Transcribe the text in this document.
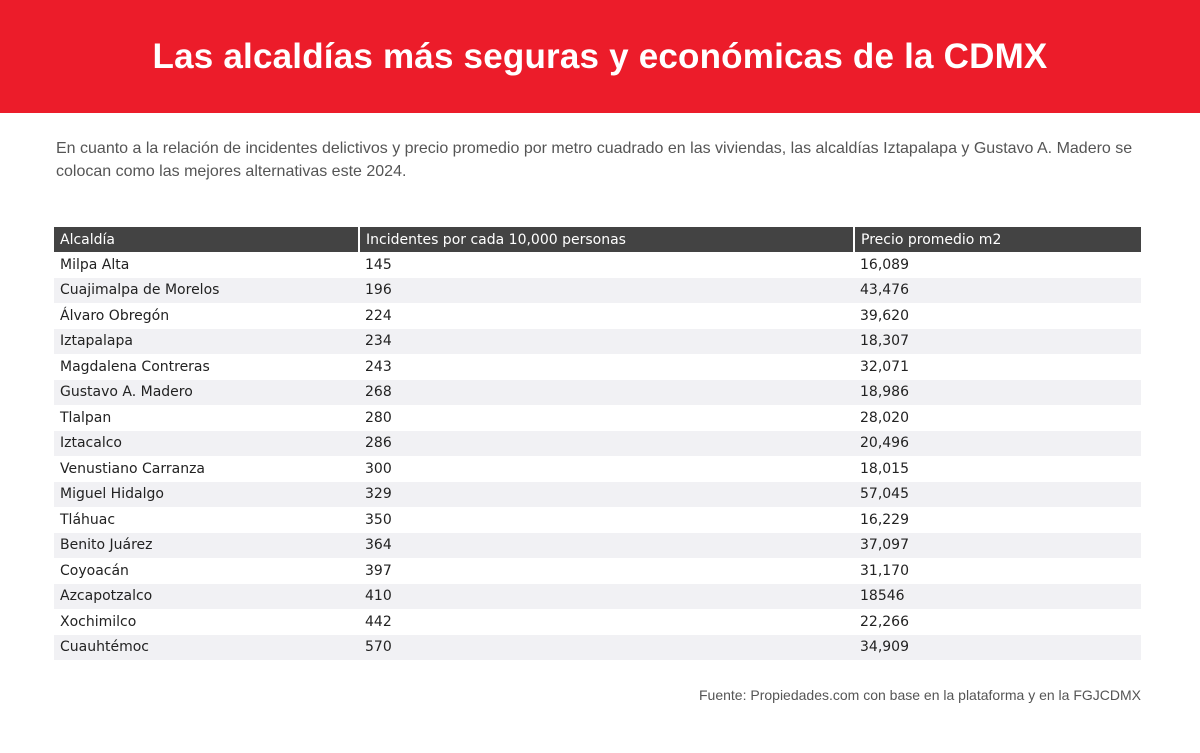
Las alcaldías más seguras y económicas de la CDMX

En cuanto a la relación de incidentes delictivos y precio promedio por metro cuadrado en las viviendas, las alcaldías Iztapalapa y Gustavo A. Madero se colocan como las mejores alternativas este 2024.

Alcaldía	Incidentes por cada 10,000 personas	Precio promedio m2
Milpa Alta	145	16,089
Cuajimalpa de Morelos	196	43,476
Álvaro Obregón	224	39,620
Iztapalapa	234	18,307
Magdalena Contreras	243	32,071
Gustavo A. Madero	268	18,986
Tlalpan	280	28,020
Iztacalco	286	20,496
Venustiano Carranza	300	18,015
Miguel Hidalgo	329	57,045
Tláhuac	350	16,229
Benito Juárez	364	37,097
Coyoacán	397	31,170
Azcapotzalco	410	18546
Xochimilco	442	22,266
Cuauhtémoc	570	34,909

Fuente: Propiedades.com con base en la plataforma y en la FGJCDMX
